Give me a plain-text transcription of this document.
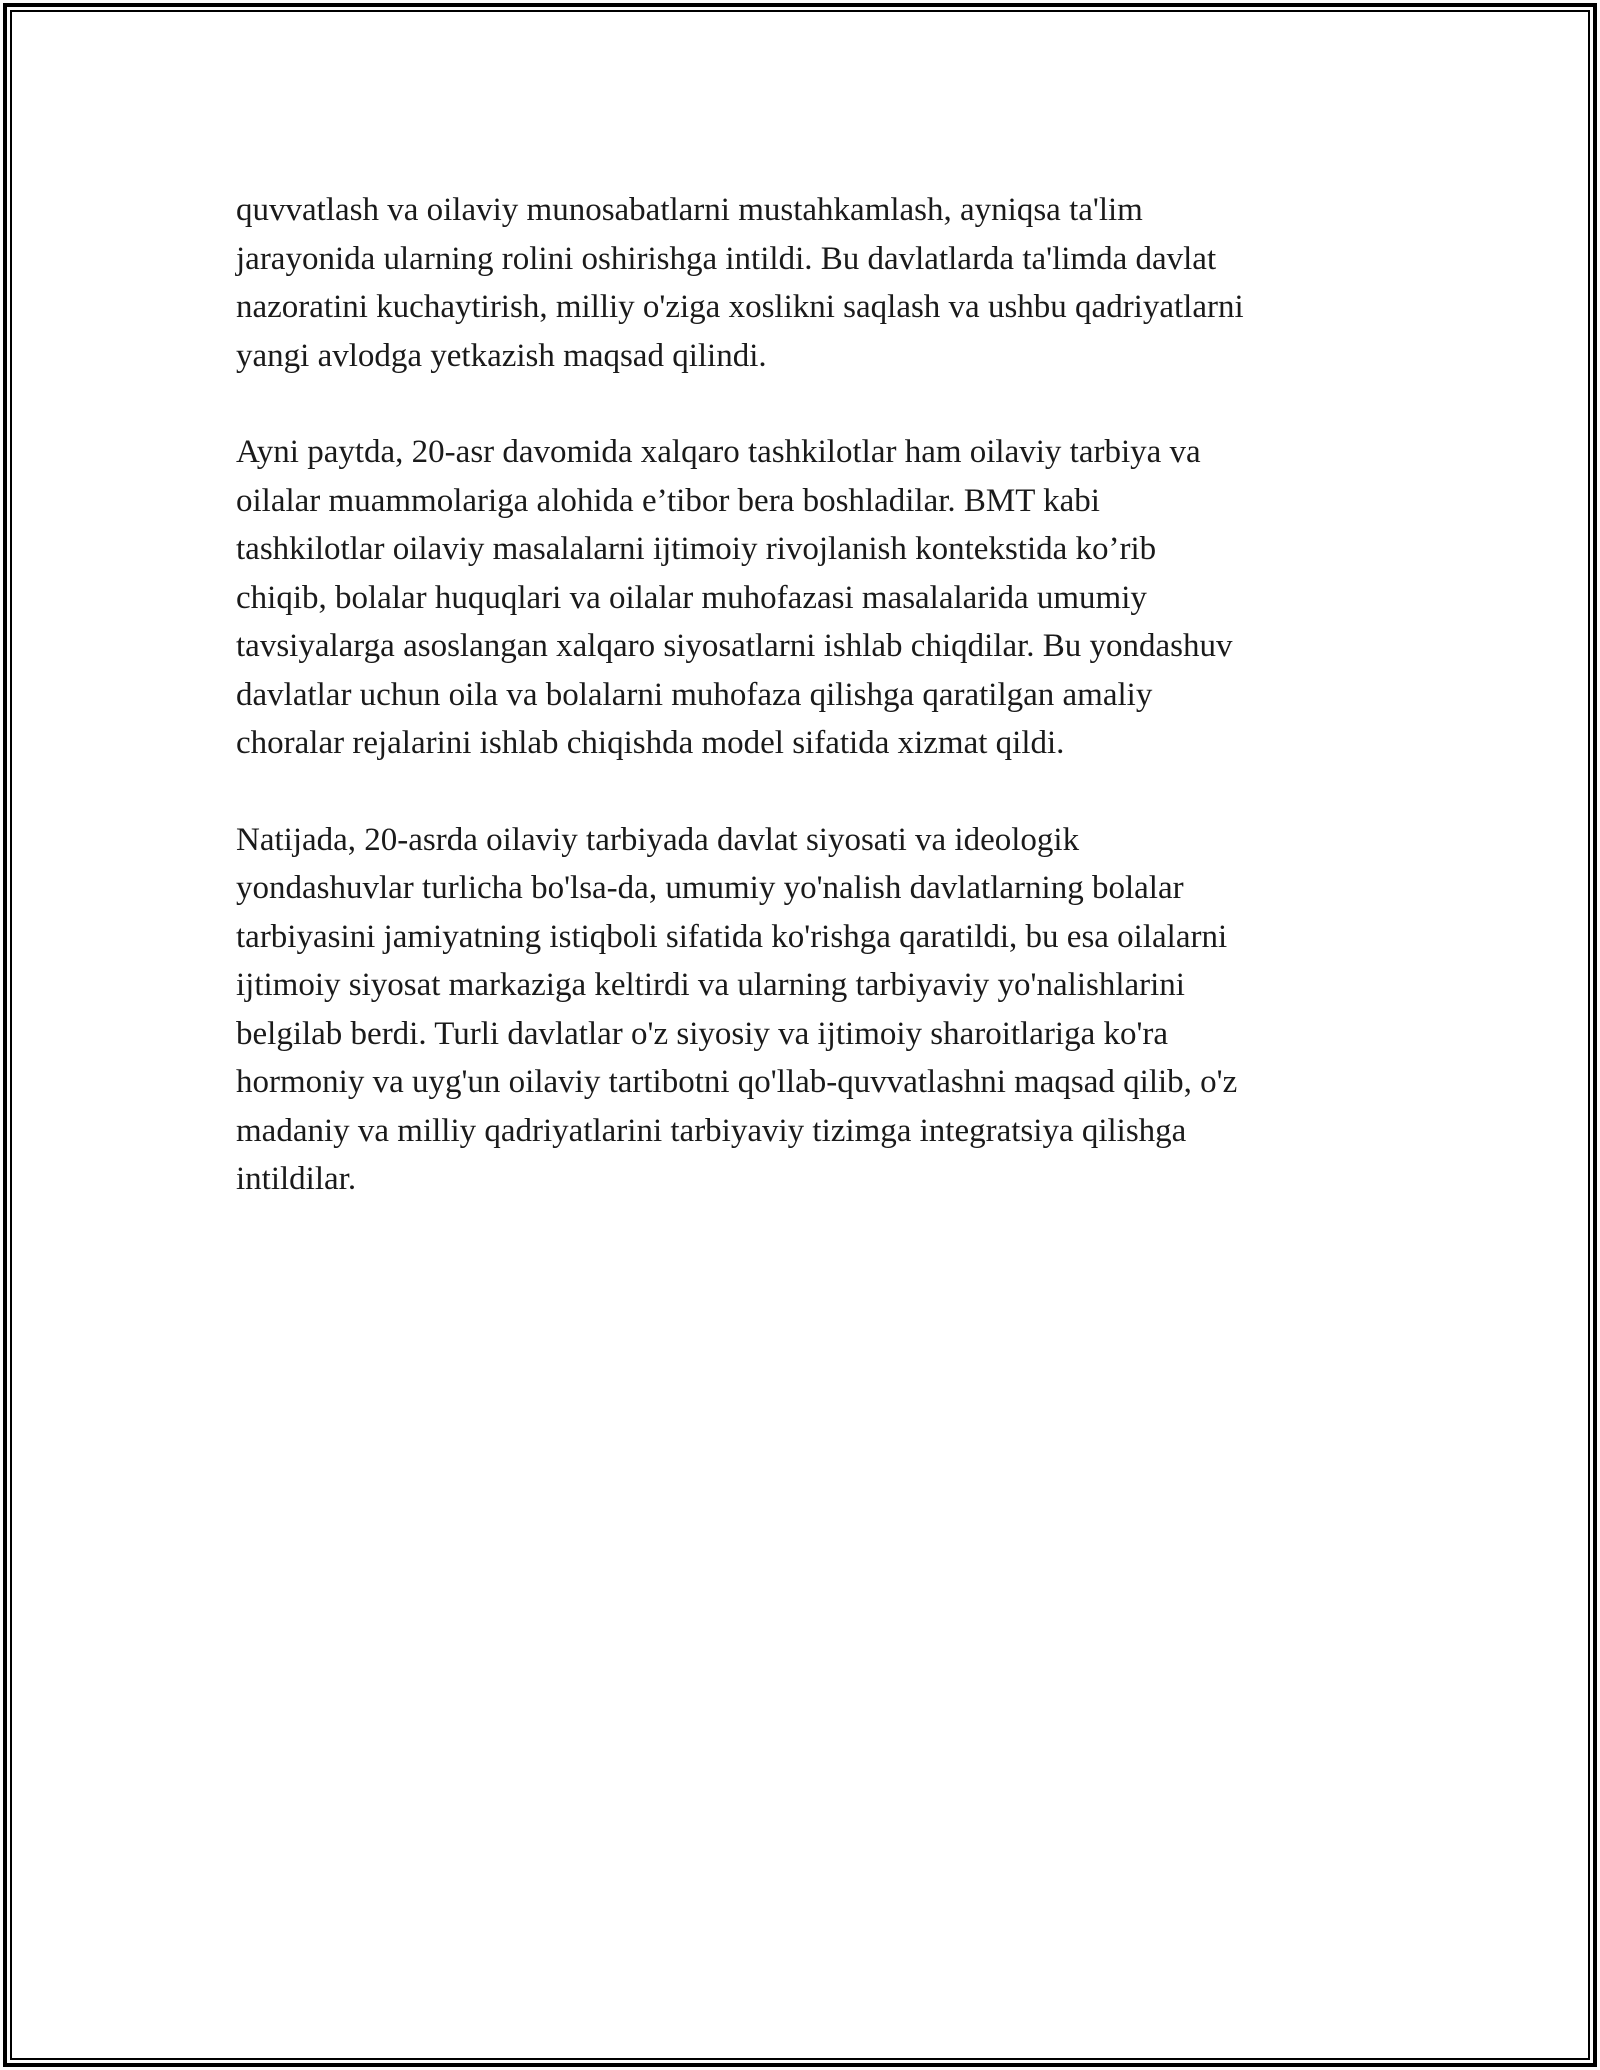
quvvatlash va oilaviy munosabatlarni mustahkamlash, ayniqsa ta'lim
jarayonida ularning rolini oshirishga intildi. Bu davlatlarda ta'limda davlat
nazoratini kuchaytirish, milliy o'ziga xoslikni saqlash va ushbu qadriyatlarni
yangi avlodga yetkazish maqsad qilindi.

Ayni paytda, 20-asr davomida xalqaro tashkilotlar ham oilaviy tarbiya va
oilalar muammolariga alohida e’tibor bera boshladilar. BMT kabi
tashkilotlar oilaviy masalalarni ijtimoiy rivojlanish kontekstida ko’rib
chiqib, bolalar huquqlari va oilalar muhofazasi masalalarida umumiy
tavsiyalarga asoslangan xalqaro siyosatlarni ishlab chiqdilar. Bu yondashuv
davlatlar uchun oila va bolalarni muhofaza qilishga qaratilgan amaliy
choralar rejalarini ishlab chiqishda model sifatida xizmat qildi.

Natijada, 20-asrda oilaviy tarbiyada davlat siyosati va ideologik
yondashuvlar turlicha bo'lsa-da, umumiy yo'nalish davlatlarning bolalar
tarbiyasini jamiyatning istiqboli sifatida ko'rishga qaratildi, bu esa oilalarni
ijtimoiy siyosat markaziga keltirdi va ularning tarbiyaviy yo'nalishlarini
belgilab berdi. Turli davlatlar o'z siyosiy va ijtimoiy sharoitlariga ko'ra
hormoniy va uyg'un oilaviy tartibotni qo'llab-quvvatlashni maqsad qilib, o'z
madaniy va milliy qadriyatlarini tarbiyaviy tizimga integratsiya qilishga
intildilar.
